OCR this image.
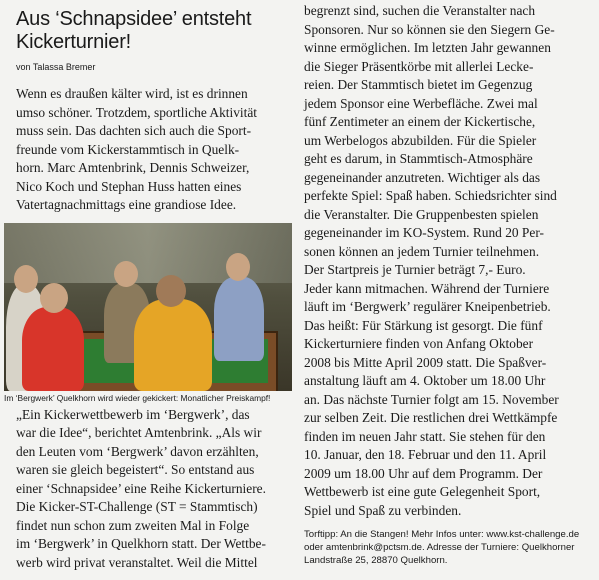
Aus ‘Schnapsidee’ entsteht
Kickerturnier!
von Talassa Bremer

Wenn es draußen kälter wird, ist es drinnen
umso schöner. Trotzdem, sportliche Aktivität
muss sein. Das dachten sich auch die Sport-
freunde vom Kickerstammtisch in Quelk-
horn. Marc Amtenbrink, Dennis Schweizer,
Nico Koch und Stephan Huss hatten eines
Vatertagnachmittags eine grandiose Idee.

Im ‘Bergwerk’ Quelkhorn wird wieder gekickert: Monatlicher Preiskampf!

„Ein Kickerwettbewerb im ‘Bergwerk’, das
war die Idee“, berichtet Amtenbrink. „Als wir
den Leuten vom ‘Bergwerk’ davon erzählten,
waren sie gleich begeistert“. So entstand aus
einer ‘Schnapsidee’ eine Reihe Kickerturniere.
Die Kicker-ST-Challenge (ST = Stammtisch)
findet nun schon zum zweiten Mal in Folge
im ‘Bergwerk’ in Quelkhorn statt. Der Wettbe-
werb wird privat veranstaltet. Weil die Mittel

begrenzt sind, suchen die Veranstalter nach
Sponsoren. Nur so können sie den Siegern Ge-
winne ermöglichen. Im letzten Jahr gewannen
die Sieger Präsentkörbe mit allerlei Lecke-
reien. Der Stammtisch bietet im Gegenzug
jedem Sponsor eine Werbefläche. Zwei mal
fünf Zentimeter an einem der Kickertische,
um Werbelogos abzubilden. Für die Spieler
geht es darum, in Stammtisch-Atmosphäre
gegeneinander anzutreten. Wichtiger als das
perfekte Spiel: Spaß haben. Schiedsrichter sind
die Veranstalter. Die Gruppenbesten spielen
gegeneinander im KO-System. Rund 20 Per-
sonen können an jedem Turnier teilnehmen.
Der Startpreis je Turnier beträgt 7,- Euro.
Jeder kann mitmachen. Während der Turniere
läuft im ‘Bergwerk’ regulärer Kneipenbetrieb.
Das heißt: Für Stärkung ist gesorgt. Die fünf
Kickerturniere finden von Anfang Oktober
2008 bis Mitte April 2009 statt. Die Spaßver-
anstaltung läuft am 4. Oktober um 18.00 Uhr
an. Das nächste Turnier folgt am 15. November
zur selben Zeit. Die restlichen drei Wettkämpfe
finden im neuen Jahr statt. Sie stehen für den
10. Januar, den 18. Februar und den 11. April
2009 um 18.00 Uhr auf dem Programm. Der
Wettbewerb ist eine gute Gelegenheit Sport,
Spiel und Spaß zu verbinden.

Torftipp: An die Stangen! Mehr Infos unter: www.kst-challenge.de
oder amtenbrink@pctsm.de. Adresse der Turniere: Quelkhorner
Landstraße 25, 28870 Quelkhorn.
